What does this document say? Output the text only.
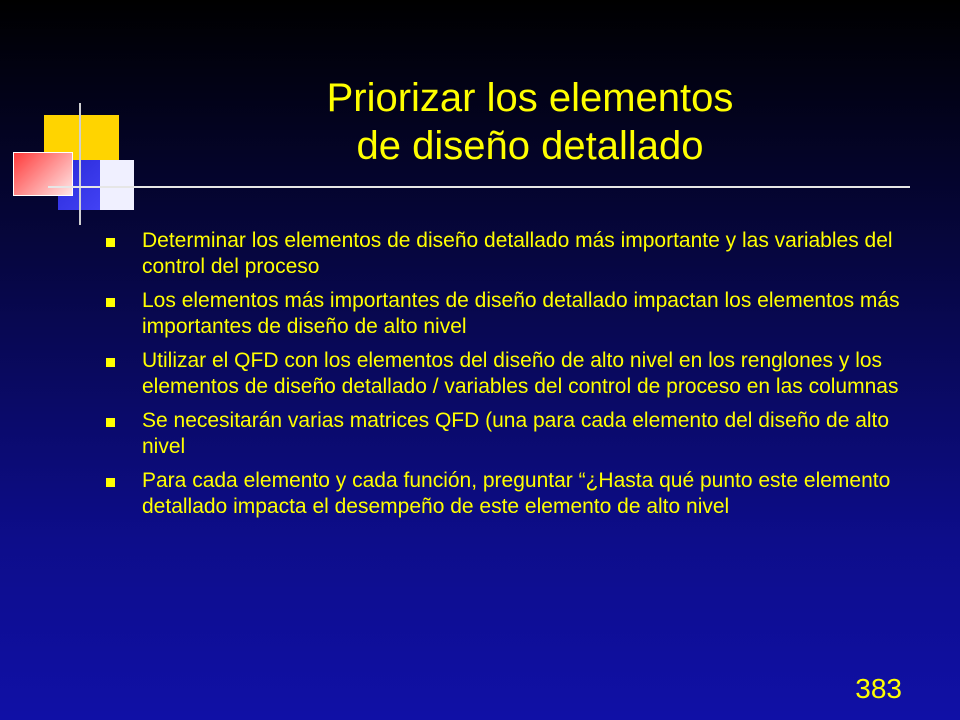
Priorizar los elementos
de diseño detallado
Determinar los elementos de diseño detallado más importante y las variables del control del proceso
Los elementos más importantes de diseño detallado impactan los elementos más importantes de diseño de alto nivel
Utilizar el QFD con los elementos del diseño de alto nivel en los renglones y los elementos de diseño detallado / variables del control de proceso en las columnas
Se necesitarán varias matrices QFD (una para cada elemento del diseño de alto nivel
Para cada elemento y cada función, preguntar “¿Hasta qué punto este elemento detallado impacta el desempeño de este elemento de alto nivel
383
